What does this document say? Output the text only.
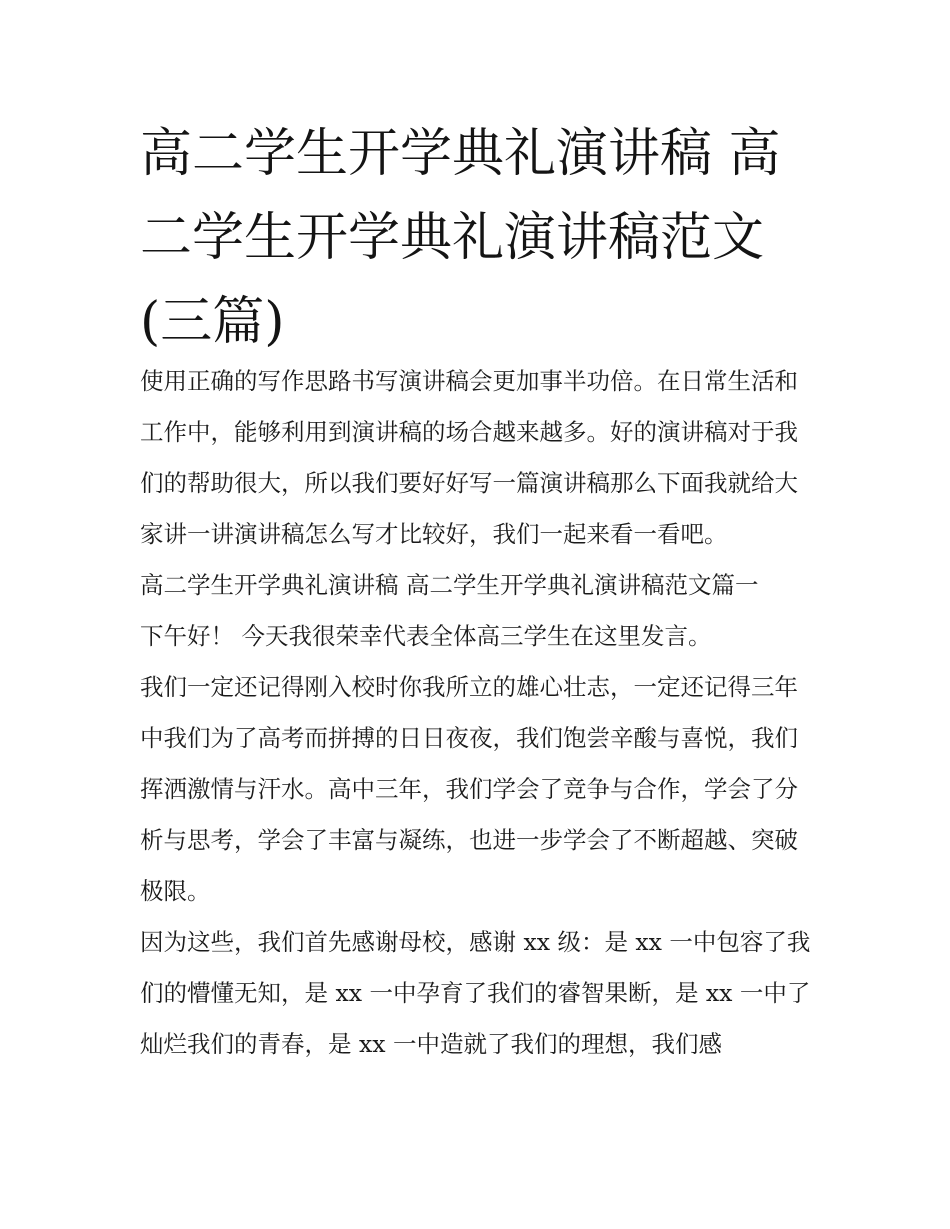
高二学生开学典礼演讲稿 高二学生开学典礼演讲稿范文(三篇)

使用正确的写作思路书写演讲稿会更加事半功倍。在日常生活和工作中，能够利用到演讲稿的场合越来越多。好的演讲稿对于我们的帮助很大，所以我们要好好写一篇演讲稿那么下面我就给大家讲一讲演讲稿怎么写才比较好，我们一起来看一看吧。

高二学生开学典礼演讲稿 高二学生开学典礼演讲稿范文篇一

下午好！ 今天我很荣幸代表全体高三学生在这里发言。

我们一定还记得刚入校时你我所立的雄心壮志，一定还记得三年中我们为了高考而拼搏的日日夜夜，我们饱尝辛酸与喜悦，我们挥洒激情与汗水。高中三年，我们学会了竞争与合作，学会了分析与思考，学会了丰富与凝练，也进一步学会了不断超越、突破极限。

因为这些，我们首先感谢母校，感谢 xx 级：是 xx 一中包容了我们的懵懂无知，是 xx 一中孕育了我们的睿智果断，是 xx 一中了灿烂我们的青春，是 xx 一中造就了我们的理想，我们感
